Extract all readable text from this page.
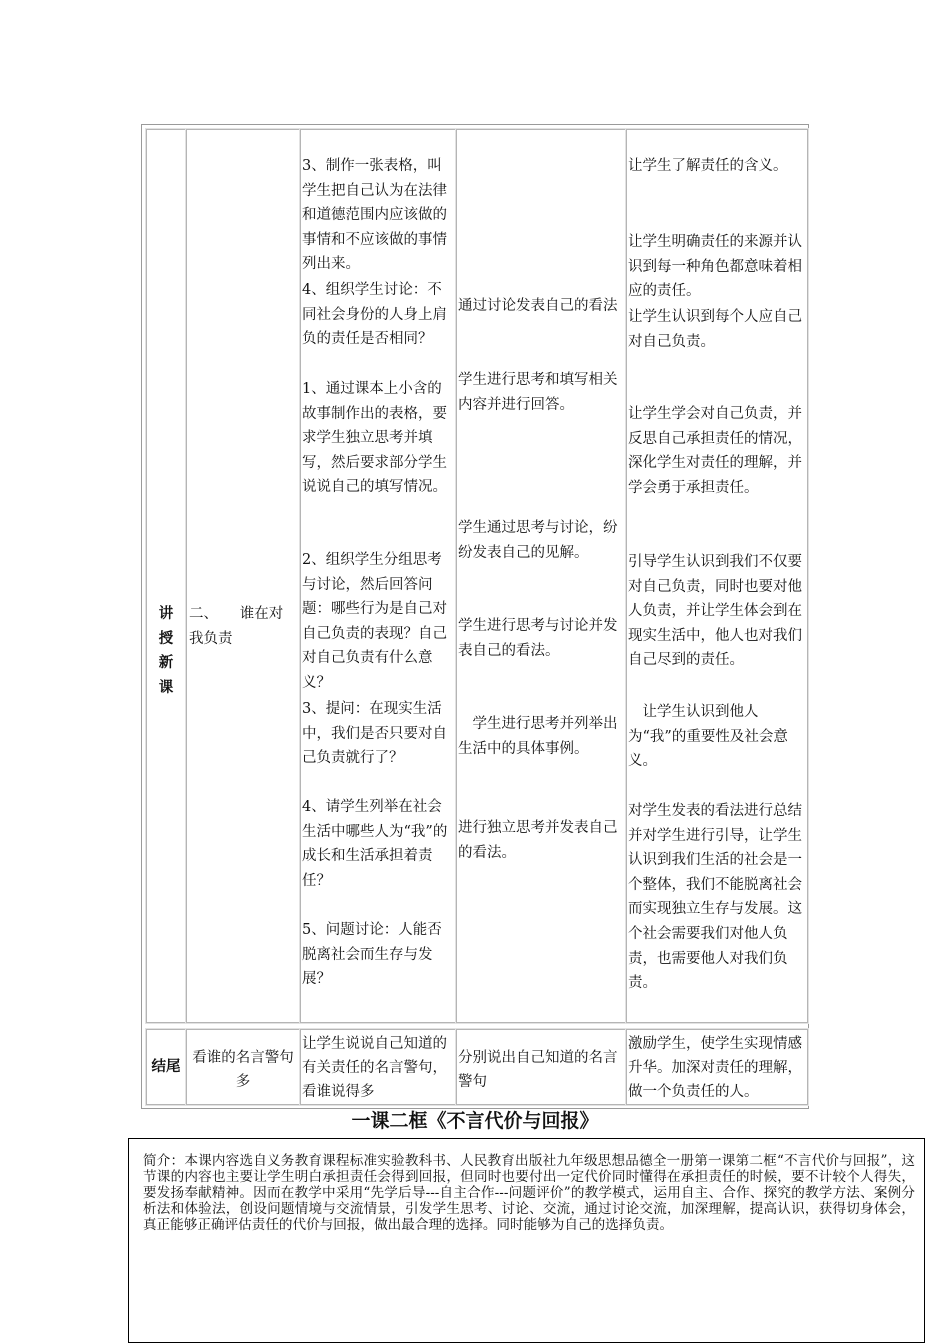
讲
授
新
课
二、　　谁在对我负责
3、制作一张表格，叫学生把自己认为在法律和道德范围内应该做的事情和不应该做的事情列出来。
4、组织学生讨论：不同社会身份的人身上肩负的责任是否相同？
1、通过课本上小含的故事制作出的表格，要求学生独立思考并填写，然后要求部分学生说说自己的填写情况。
2、组织学生分组思考与讨论，然后回答问题：哪些行为是自己对自己负责的表现？自己对自己负责有什么意义？
3、提问：在现实生活中，我们是否只要对自己负责就行了？
4、请学生列举在社会生活中哪些人为“我”的成长和生活承担着责任？
5、问题讨论：人能否脱离社会而生存与发展？
通过讨论发表自己的看法
学生进行思考和填写相关内容并进行回答。
学生通过思考与讨论，纷纷发表自己的见解。
学生进行思考与讨论并发表自己的看法。
　学生进行思考并列举出生活中的具体事例。
进行独立思考并发表自己的看法。
让学生了解责任的含义。
让学生明确责任的来源并认识到每一种角色都意味着相应的责任。
让学生认识到每个人应自己对自己负责。
让学生学会对自己负责，并反思自己承担责任的情况，深化学生对责任的理解，并学会勇于承担责任。
引导学生认识到我们不仅要对自己负责，同时也要对他人负责，并让学生体会到在现实生活中，他人也对我们自己尽到的责任。
　让学生认识到他人为“我”的重要性及社会意义。
对学生发表的看法进行总结并对学生进行引导，让学生认识到我们生活的社会是一个整体，我们不能脱离社会而实现独立生存与发展。这个社会需要我们对他人负责，也需要他人对我们负责。
结尾
看谁的名言警句多
让学生说说自己知道的有关责任的名言警句，看谁说得多
分别说出自己知道的名言警句
激励学生，使学生实现情感升华。加深对责任的理解，做一个负责任的人。
一课二框《不言代价与回报》
简介：本课内容选自义务教育课程标准实验教科书、人民教育出版社九年级思想品德全一册第一课第二框“不言代价与回报”，这节课的内容也主要让学生明白承担责任会得到回报，但同时也要付出一定代价同时懂得在承担责任的时候，要不计较个人得失，要发扬奉献精神。因而在教学中采用“先学后导---自主合作---问题评价”的教学模式，运用自主、合作、探究的教学方法、案例分析法和体验法，创设问题情境与交流情景，引发学生思考、讨论、交流，通过讨论交流，加深理解，提高认识，获得切身体会，真正能够正确评估责任的代价与回报，做出最合理的选择。同时能够为自己的选择负责。
